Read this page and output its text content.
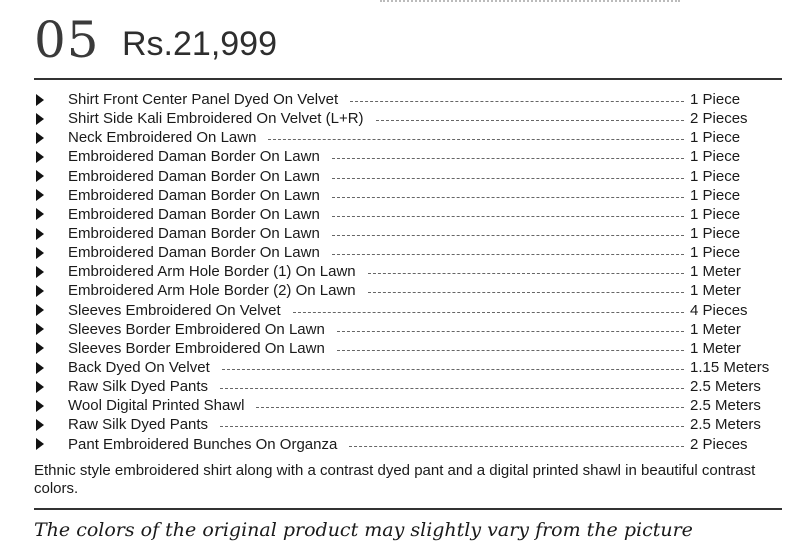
05 Rs.21,999
Shirt Front Center Panel Dyed On Velvet	1 Piece
Shirt Side Kali Embroidered On Velvet (L+R)	2 Pieces
Neck Embroidered On Lawn	1 Piece
Embroidered Daman Border On Lawn	1 Piece
Embroidered Daman Border On Lawn	1 Piece
Embroidered Daman Border On Lawn	1 Piece
Embroidered Daman Border On Lawn	1 Piece
Embroidered Daman Border On Lawn	1 Piece
Embroidered Daman Border On Lawn	1 Piece
Embroidered Arm Hole Border (1) On Lawn	1 Meter
Embroidered Arm Hole Border (2) On Lawn	1 Meter
Sleeves Embroidered On Velvet	4 Pieces
Sleeves Border Embroidered On Lawn	1 Meter
Sleeves Border Embroidered On Lawn	1 Meter
Back Dyed On Velvet	1.15 Meters
Raw Silk Dyed Pants	2.5 Meters
Wool Digital Printed Shawl	2.5 Meters
Raw Silk Dyed Pants	2.5 Meters
Pant Embroidered Bunches On Organza	2 Pieces

Ethnic style embroidered shirt along with a contrast dyed pant and a digital printed shawl in beautiful contrast colors.

The colors of the original product may slightly vary from the picture
